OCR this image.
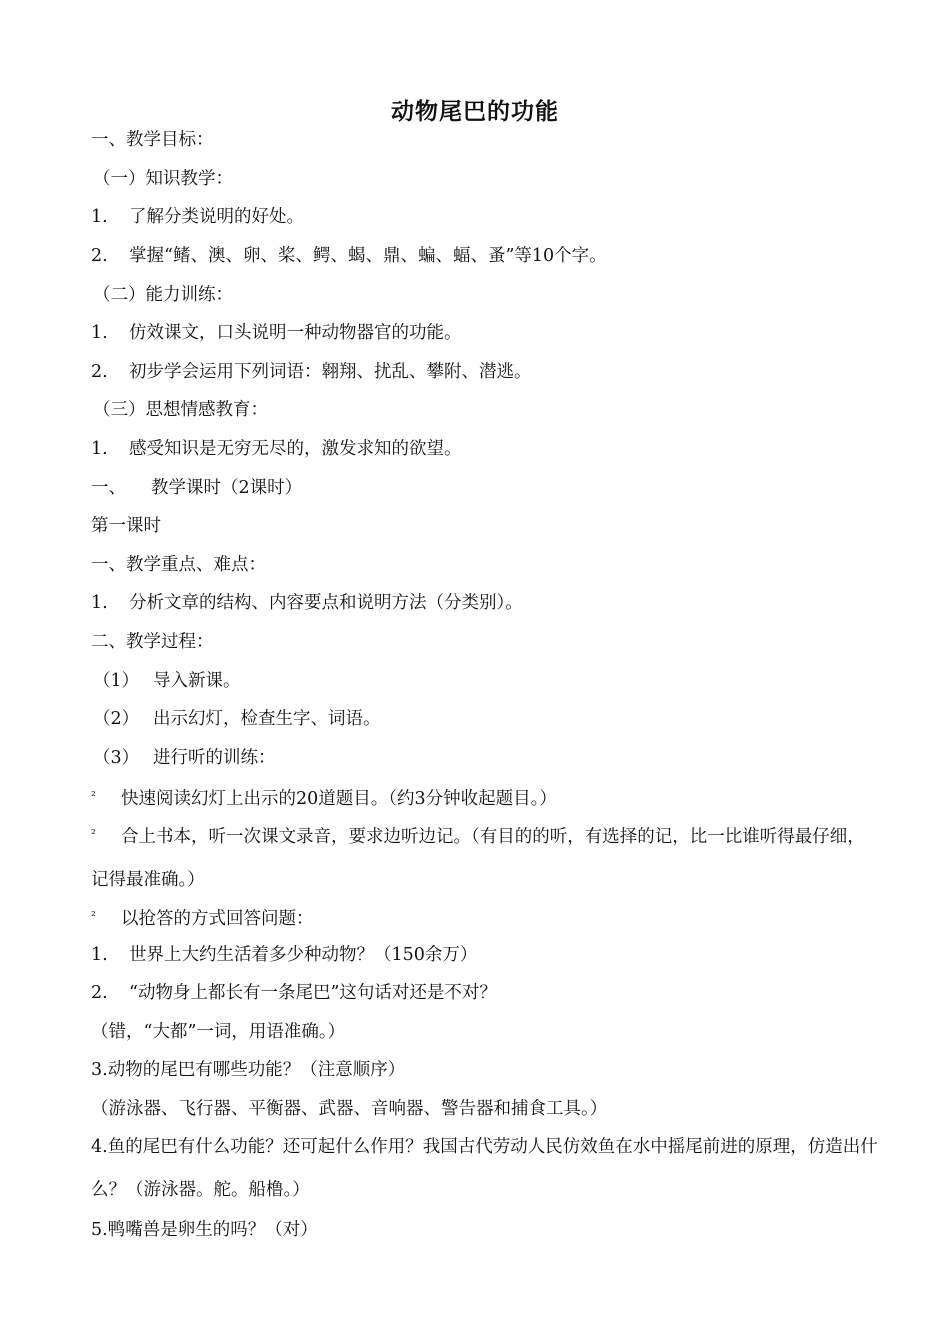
动物尾巴的功能

一、教学目标：

（一）知识教学：

1. 了解分类说明的好处。

2. 掌握“鳍、澳、卵、桨、鳄、蝎、鼎、蝙、蝠、蚤”等10个字。

（二）能力训练：

1. 仿效课文，口头说明一种动物器官的功能。

2. 初步学会运用下列词语：翱翔、扰乱、攀附、潜逃。

（三）思想情感教育：

1. 感受知识是无穷无尽的，激发求知的欲望。

一、 教学课时（2课时）

第一课时

一、教学重点、难点：

1. 分析文章的结构、内容要点和说明方法（分类别）。

二、教学过程：

（1） 导入新课。

（2） 出示幻灯，检查生字、词语。

（3） 进行听的训练：

² 快速阅读幻灯上出示的20道题目。（约3分钟收起题目。）

² 合上书本，听一次课文录音，要求边听边记。（有目的的听，有选择的记，比一比谁听得最仔细，记得最准确。）

² 以抢答的方式回答问题：

1. 世界上大约生活着多少种动物？（150余万）

2. “动物身上都长有一条尾巴”这句话对还是不对？

（错，“大都”一词，用语准确。）

3.动物的尾巴有哪些功能？（注意顺序）

（游泳器、飞行器、平衡器、武器、音响器、警告器和捕食工具。）

4.鱼的尾巴有什么功能？还可起什么作用？我国古代劳动人民仿效鱼在水中摇尾前进的原理，仿造出什么？（游泳器。舵。船橹。）

5.鸭嘴兽是卵生的吗？（对）
